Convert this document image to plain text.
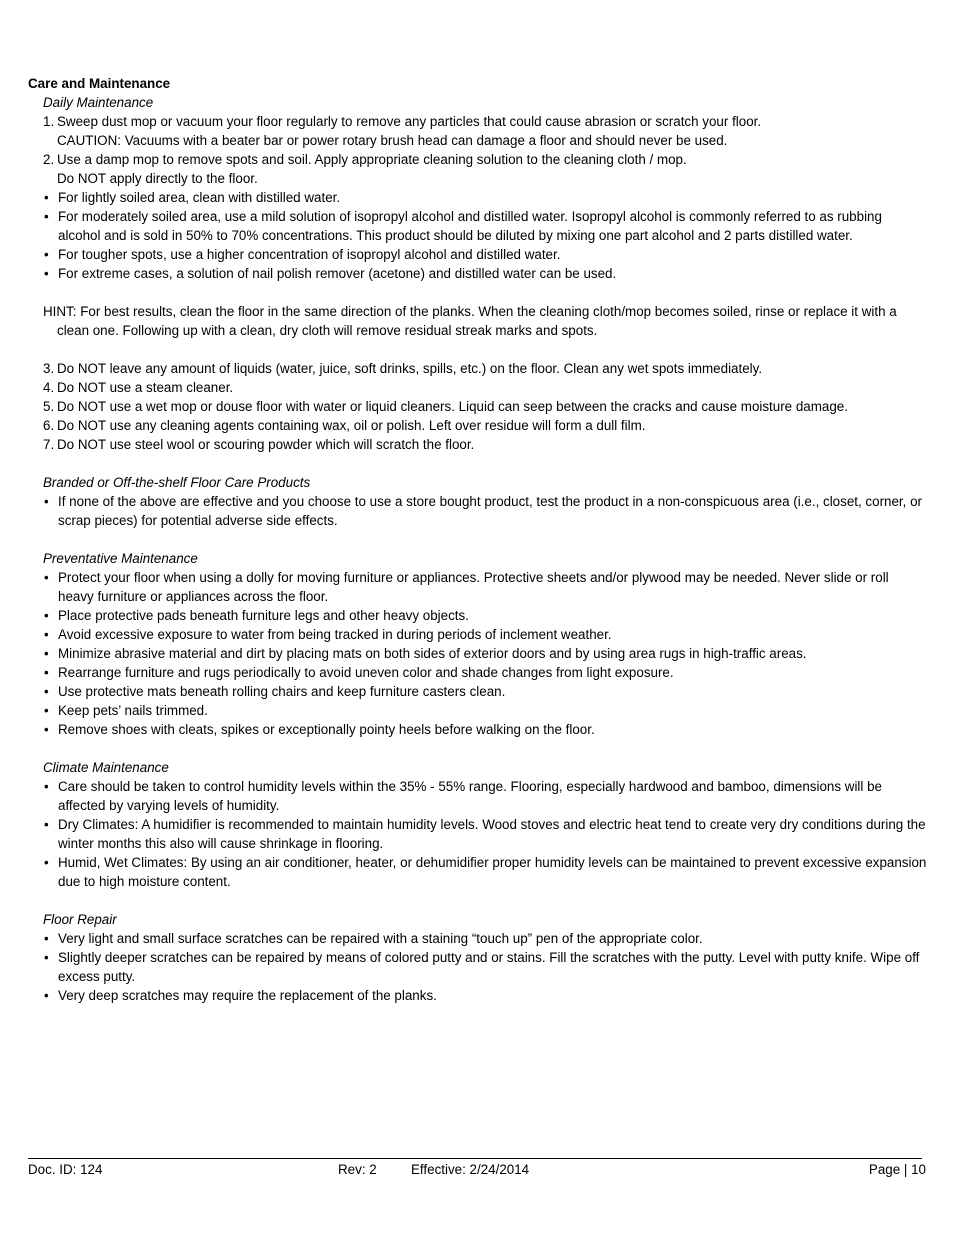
Care and Maintenance
Daily Maintenance
1. Sweep dust mop or vacuum your floor regularly to remove any particles that could cause abrasion or scratch your floor.
CAUTION: Vacuums with a beater bar or power rotary brush head can damage a floor and should never be used.
2. Use a damp mop to remove spots and soil. Apply appropriate cleaning solution to the cleaning cloth / mop.
Do NOT apply directly to the floor.
• For lightly soiled area, clean with distilled water.
• For moderately soiled area, use a mild solution of isopropyl alcohol and distilled water. Isopropyl alcohol is commonly referred to as rubbing alcohol and is sold in 50% to 70% concentrations. This product should be diluted by mixing one part alcohol and 2 parts distilled water.
• For tougher spots, use a higher concentration of isopropyl alcohol and distilled water.
• For extreme cases, a solution of nail polish remover (acetone) and distilled water can be used.
HINT: For best results, clean the floor in the same direction of the planks. When the cleaning cloth/mop becomes soiled, rinse or replace it with a clean one. Following up with a clean, dry cloth will remove residual streak marks and spots.
3. Do NOT leave any amount of liquids (water, juice, soft drinks, spills, etc.) on the floor. Clean any wet spots immediately.
4. Do NOT use a steam cleaner.
5. Do NOT use a wet mop or douse floor with water or liquid cleaners. Liquid can seep between the cracks and cause moisture damage.
6. Do NOT use any cleaning agents containing wax, oil or polish. Left over residue will form a dull film.
7. Do NOT use steel wool or scouring powder which will scratch the floor.
Branded or Off-the-shelf Floor Care Products
• If none of the above are effective and you choose to use a store bought product, test the product in a non-conspicuous area (i.e., closet, corner, or scrap pieces) for potential adverse side effects.
Preventative Maintenance
• Protect your floor when using a dolly for moving furniture or appliances. Protective sheets and/or plywood may be needed. Never slide or roll heavy furniture or appliances across the floor.
• Place protective pads beneath furniture legs and other heavy objects.
• Avoid excessive exposure to water from being tracked in during periods of inclement weather.
• Minimize abrasive material and dirt by placing mats on both sides of exterior doors and by using area rugs in high-traffic areas.
• Rearrange furniture and rugs periodically to avoid uneven color and shade changes from light exposure.
• Use protective mats beneath rolling chairs and keep furniture casters clean.
• Keep pets’ nails trimmed.
• Remove shoes with cleats, spikes or exceptionally pointy heels before walking on the floor.
Climate Maintenance
• Care should be taken to control humidity levels within the 35% - 55% range. Flooring, especially hardwood and bamboo, dimensions will be affected by varying levels of humidity.
• Dry Climates: A humidifier is recommended to maintain humidity levels. Wood stoves and electric heat tend to create very dry conditions during the winter months this also will cause shrinkage in flooring.
• Humid, Wet Climates: By using an air conditioner, heater, or dehumidifier proper humidity levels can be maintained to prevent excessive expansion due to high moisture content.
Floor Repair
• Very light and small surface scratches can be repaired with a staining “touch up” pen of the appropriate color.
• Slightly deeper scratches can be repaired by means of colored putty and or stains. Fill the scratches with the putty. Level with putty knife. Wipe off excess putty.
• Very deep scratches may require the replacement of the planks.
Doc. ID: 124	Rev: 2	Effective: 2/24/2014	Page | 10
